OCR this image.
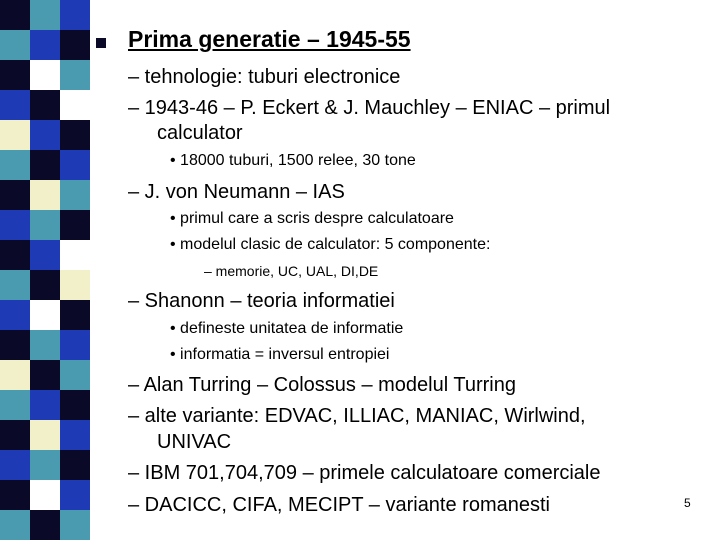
Prima generatie – 1945-55
– tehnologie: tuburi electronice
– 1943-46 – P. Eckert & J. Mauchley – ENIAC – primul
calculator
• 18000 tuburi, 1500 relee, 30 tone
– J. von Neumann – IAS
• primul care a scris despre calculatoare
• modelul clasic de calculator: 5 componente:
– memorie, UC, UAL, DI,DE
– Shanonn – teoria informatiei
• defineste unitatea de informatie
• informatia = inversul entropiei
– Alan Turring – Colossus – modelul Turring
– alte variante: EDVAC, ILLIAC, MANIAC, Wirlwind,
UNIVAC
– IBM 701,704,709 – primele calculatoare comerciale
– DACICC, CIFA, MECIPT – variante romanesti	5
